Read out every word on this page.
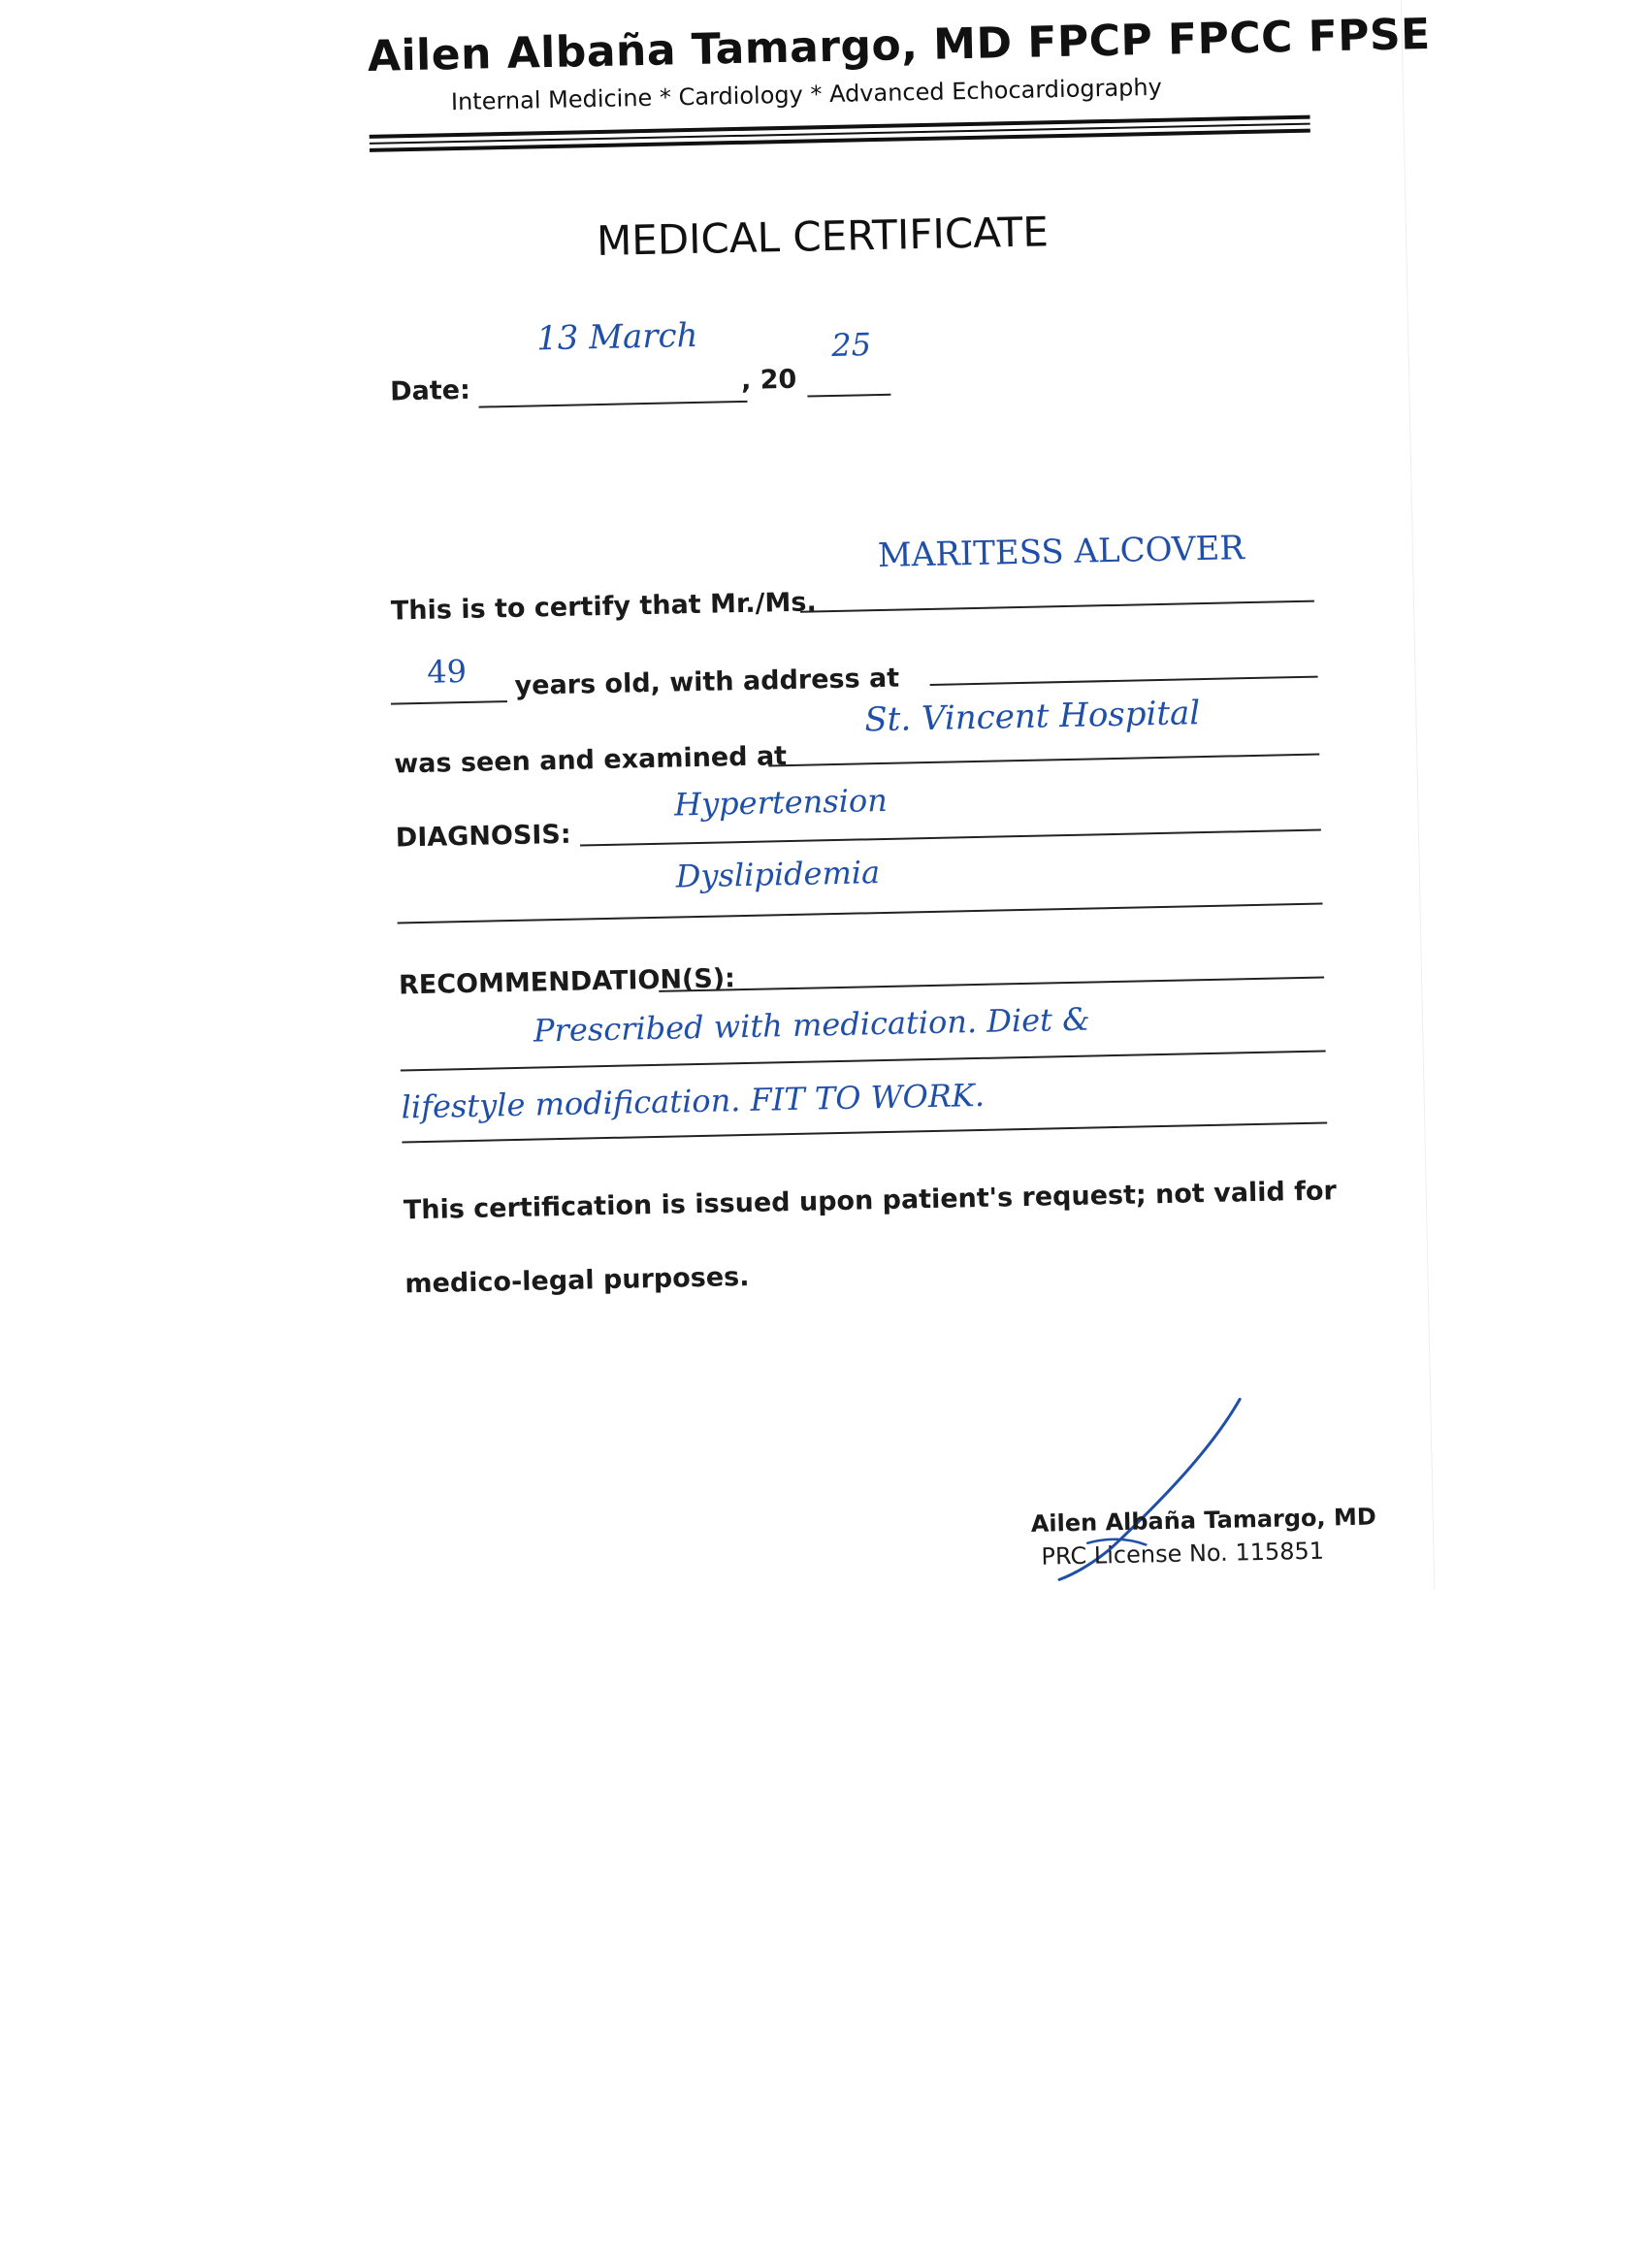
Ailen Albaña Tamargo, MD FPCP FPCC FPSE
Internal Medicine * Cardiology * Advanced Echocardiography
MEDICAL CERTIFICATE
Date:	, 20
13 March	25
This is to certify that Mr./Ms.
MARITESS ALCOVER
49 years old, with address at
was seen and examined at
St. Vincent Hospital
DIAGNOSIS:
Hypertension
Dyslipidemia
RECOMMENDATION(S):
Prescribed with medication. Diet &
lifestyle modification. FIT TO WORK.
This certification is issued upon patient's request; not valid for
medico-legal purposes.
Ailen Albaña Tamargo, MD
PRC License No. 115851
